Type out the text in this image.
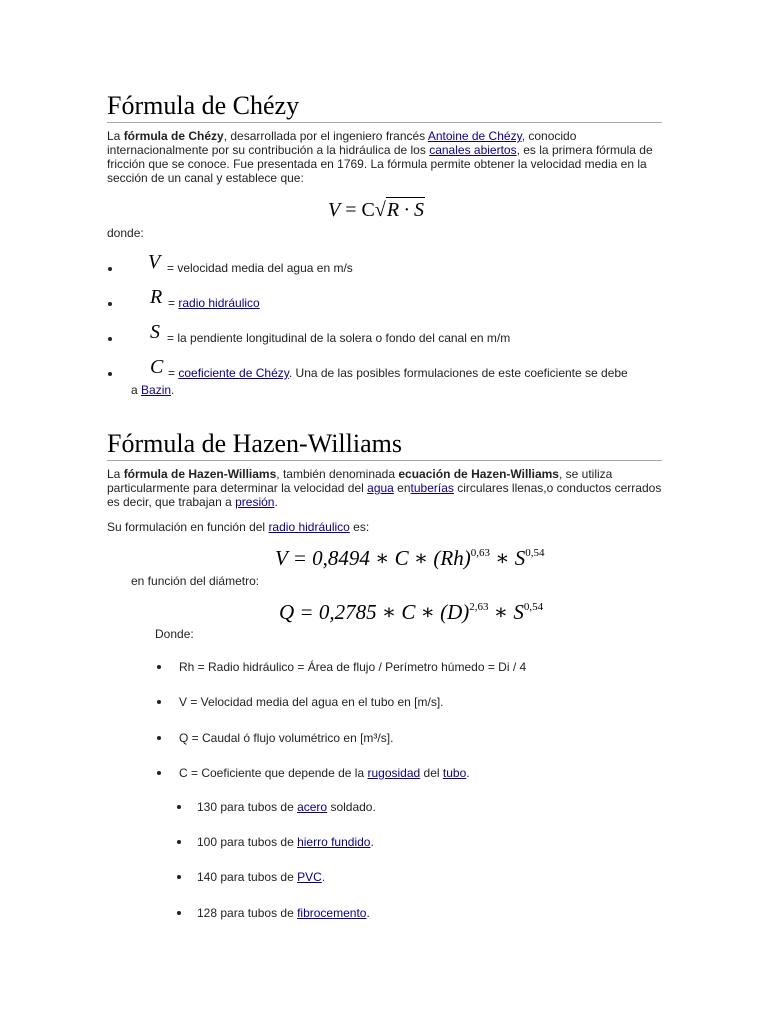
Fórmula de Chézy
La fórmula de Chézy, desarrollada por el ingeniero francés Antoine de Chézy, conocido internacionalmente por su contribución a la hidráulica de los canales abiertos, es la primera fórmula de fricción que se conoce. Fue presentada en 1769. La fórmula permite obtener la velocidad media en la sección de un canal y establece que:
V = C√R · S
donde:
V = velocidad media del agua en m/s
R = radio hidráulico
S = la pendiente longitudinal de la solera o fondo del canal en m/m
C = coeficiente de Chézy. Una de las posibles formulaciones de este coeficiente se debe
a Bazin.
Fórmula de Hazen-Williams
La fórmula de Hazen-Williams, también denominada ecuación de Hazen-Williams, se utiliza particularmente para determinar la velocidad del agua entuberías circulares llenas,o conductos cerrados es decir, que trabajan a presión.
Su formulación en función del radio hidráulico es:
V = 0,8494 ∗ C ∗ $(Rh)^{0,63}$ ∗ S$^{0,54}$
en función del diámetro:
Q = 0,2785 ∗ C ∗ $(D)^{2,63}$ ∗ S$^{0,54}$
Donde:
Rh = Radio hidráulico = Área de flujo / Perímetro húmedo = Di / 4
V = Velocidad media del agua en el tubo en [m/s].
Q = Caudal ó flujo volumétrico en [m³/s].
C = Coeficiente que depende de la rugosidad del tubo.
130 para tubos de acero soldado.
100 para tubos de hierro fundido.
140 para tubos de PVC.
128 para tubos de fibrocemento.
